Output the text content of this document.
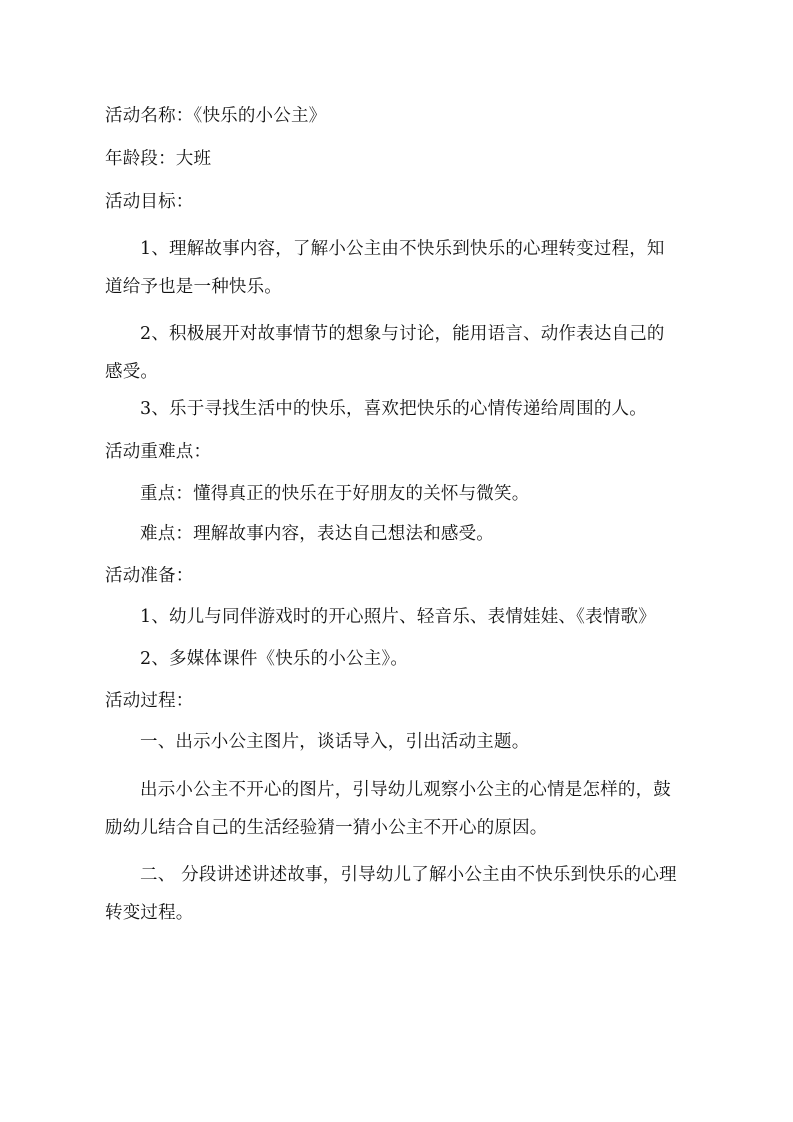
活动名称：《快乐的小公主》

年龄段：大班

活动目标：

1、理解故事内容，了解小公主由不快乐到快乐的心理转变过程，知道给予也是一种快乐。

2、积极展开对故事情节的想象与讨论，能用语言、动作表达自己的感受。

3、乐于寻找生活中的快乐，喜欢把快乐的心情传递给周围的人。

活动重难点：

重点：懂得真正的快乐在于好朋友的关怀与微笑。

难点：理解故事内容，表达自己想法和感受。

活动准备：

1、幼儿与同伴游戏时的开心照片、轻音乐、表情娃娃、《表情歌》

2、多媒体课件《快乐的小公主》。

活动过程：

一、出示小公主图片，谈话导入，引出活动主题。

出示小公主不开心的图片，引导幼儿观察小公主的心情是怎样的，鼓励幼儿结合自己的生活经验猜一猜小公主不开心的原因。

二、 分段讲述讲述故事，引导幼儿了解小公主由不快乐到快乐的心理转变过程。
